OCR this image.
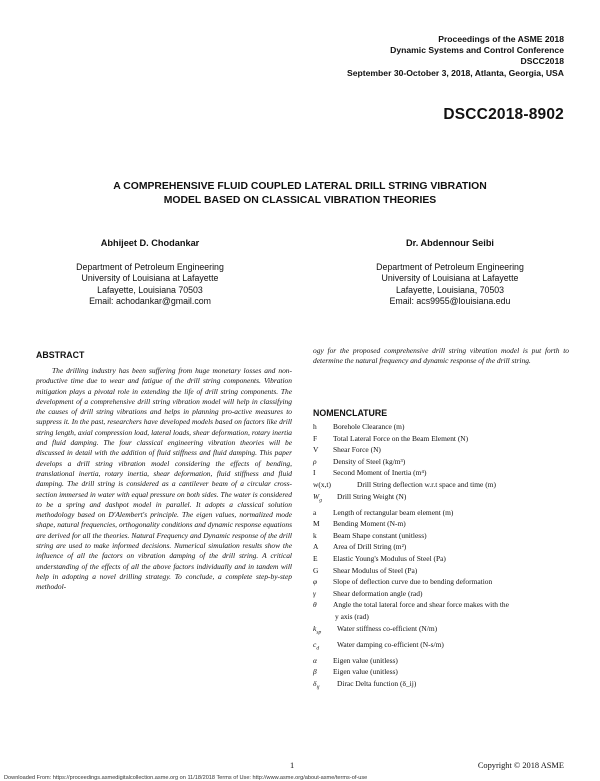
Proceedings of the ASME 2018
Dynamic Systems and Control Conference
DSCC2018
September 30-October 3, 2018, Atlanta, Georgia, USA
DSCC2018-8902
A COMPREHENSIVE FLUID COUPLED LATERAL DRILL STRING VIBRATION
MODEL BASED ON CLASSICAL VIBRATION THEORIES
Abhijeet D. Chodankar	Dr. Abdennour Seibi
Department of Petroleum Engineering
University of Louisiana at Lafayette
Lafayette, Louisiana 70503
Email: achodankar@gmail.com
Department of Petroleum Engineering
University of Louisiana at Lafayette
Lafayette, Louisiana, 70503
Email: acs9955@louisiana.edu
ABSTRACT

The drilling industry has been suffering from huge monetary losses and non-productive time due to wear and fatigue of the drill string components. Vibration mitigation plays a pivotal role in extending the life of drill string components. The development of a comprehensive drill string vibration model will help in classifying the causes of drill string vibrations and helps in planning pro-active measures to suppress it. In the past, researchers have developed models based on factors like drill string length, axial compression load, lateral loads, shear deformation, rotary inertia and fluid damping. The four classical engineering vibration theories will be discussed in detail with the addition of fluid stiffness and fluid damping. This paper develops a drill string vibration model considering the effects of bending, translational inertia, rotary inertia, shear deformation, fluid stiffness and fluid damping. The drill string is considered as a cantilever beam of a circular cross-section immersed in water with equal pressure on both sides. The water is considered to be a spring and dashpot model in parallel. It adopts a classical solution methodology based on D'Alembert's principle. The eigen values, normalized mode shape, natural frequencies, orthogonality conditions and dynamic response equations are derived for all the theories. Natural Frequency and Dynamic response of the drill string are used to make informed decisions. Numerical simulation results show the influence of all the factors on vibration damping of the drill string. A critical understanding of the effects of all the above factors individually and in tandem will help in adopting a novel drilling strategy. To conclude, a complete step-by-step methodol-

ogy for the proposed comprehensive drill string vibration model is put forth to determine the natural frequency and dynamic response of the drill string.

NOMENCLATURE
h	Borehole Clearance (m)
F	Total Lateral Force on the Beam Element (N)
V	Shear Force (N)
ρ	Density of Steel (kg/m³)
I	Second Moment of Inertia (m⁴)
w(x,t)	Drill String deflection w.r.t space and time (m)
$W_g$	Drill String Weight (N)
a	Length of rectangular beam element (m)
M	Bending Moment (N-m)
k	Beam Shape constant (unitless)
A	Area of Drill String (m²)
E	Elastic Young's Modulus of Steel (Pa)
G	Shear Modulus of Steel (Pa)
φ	Slope of deflection curve due to bending deformation
γ	Shear deformation angle (rad)
θ	Angle the total lateral force and shear force makes with the
y axis (rad)
$k_{sp}$	Water stiffness co-efficient (N/m)
$c_d$	Water damping co-efficient (N-s/m)
α	Eigen value (unitless)
β	Eigen value (unitless)
$\delta_{ij}$	Dirac Delta function (δ_ij)
1	Copyright © 2018 ASME
Downloaded From: https://proceedings.asmedigitalcollection.asme.org on 11/18/2018 Terms of Use: http://www.asme.org/about-asme/terms-of-use
